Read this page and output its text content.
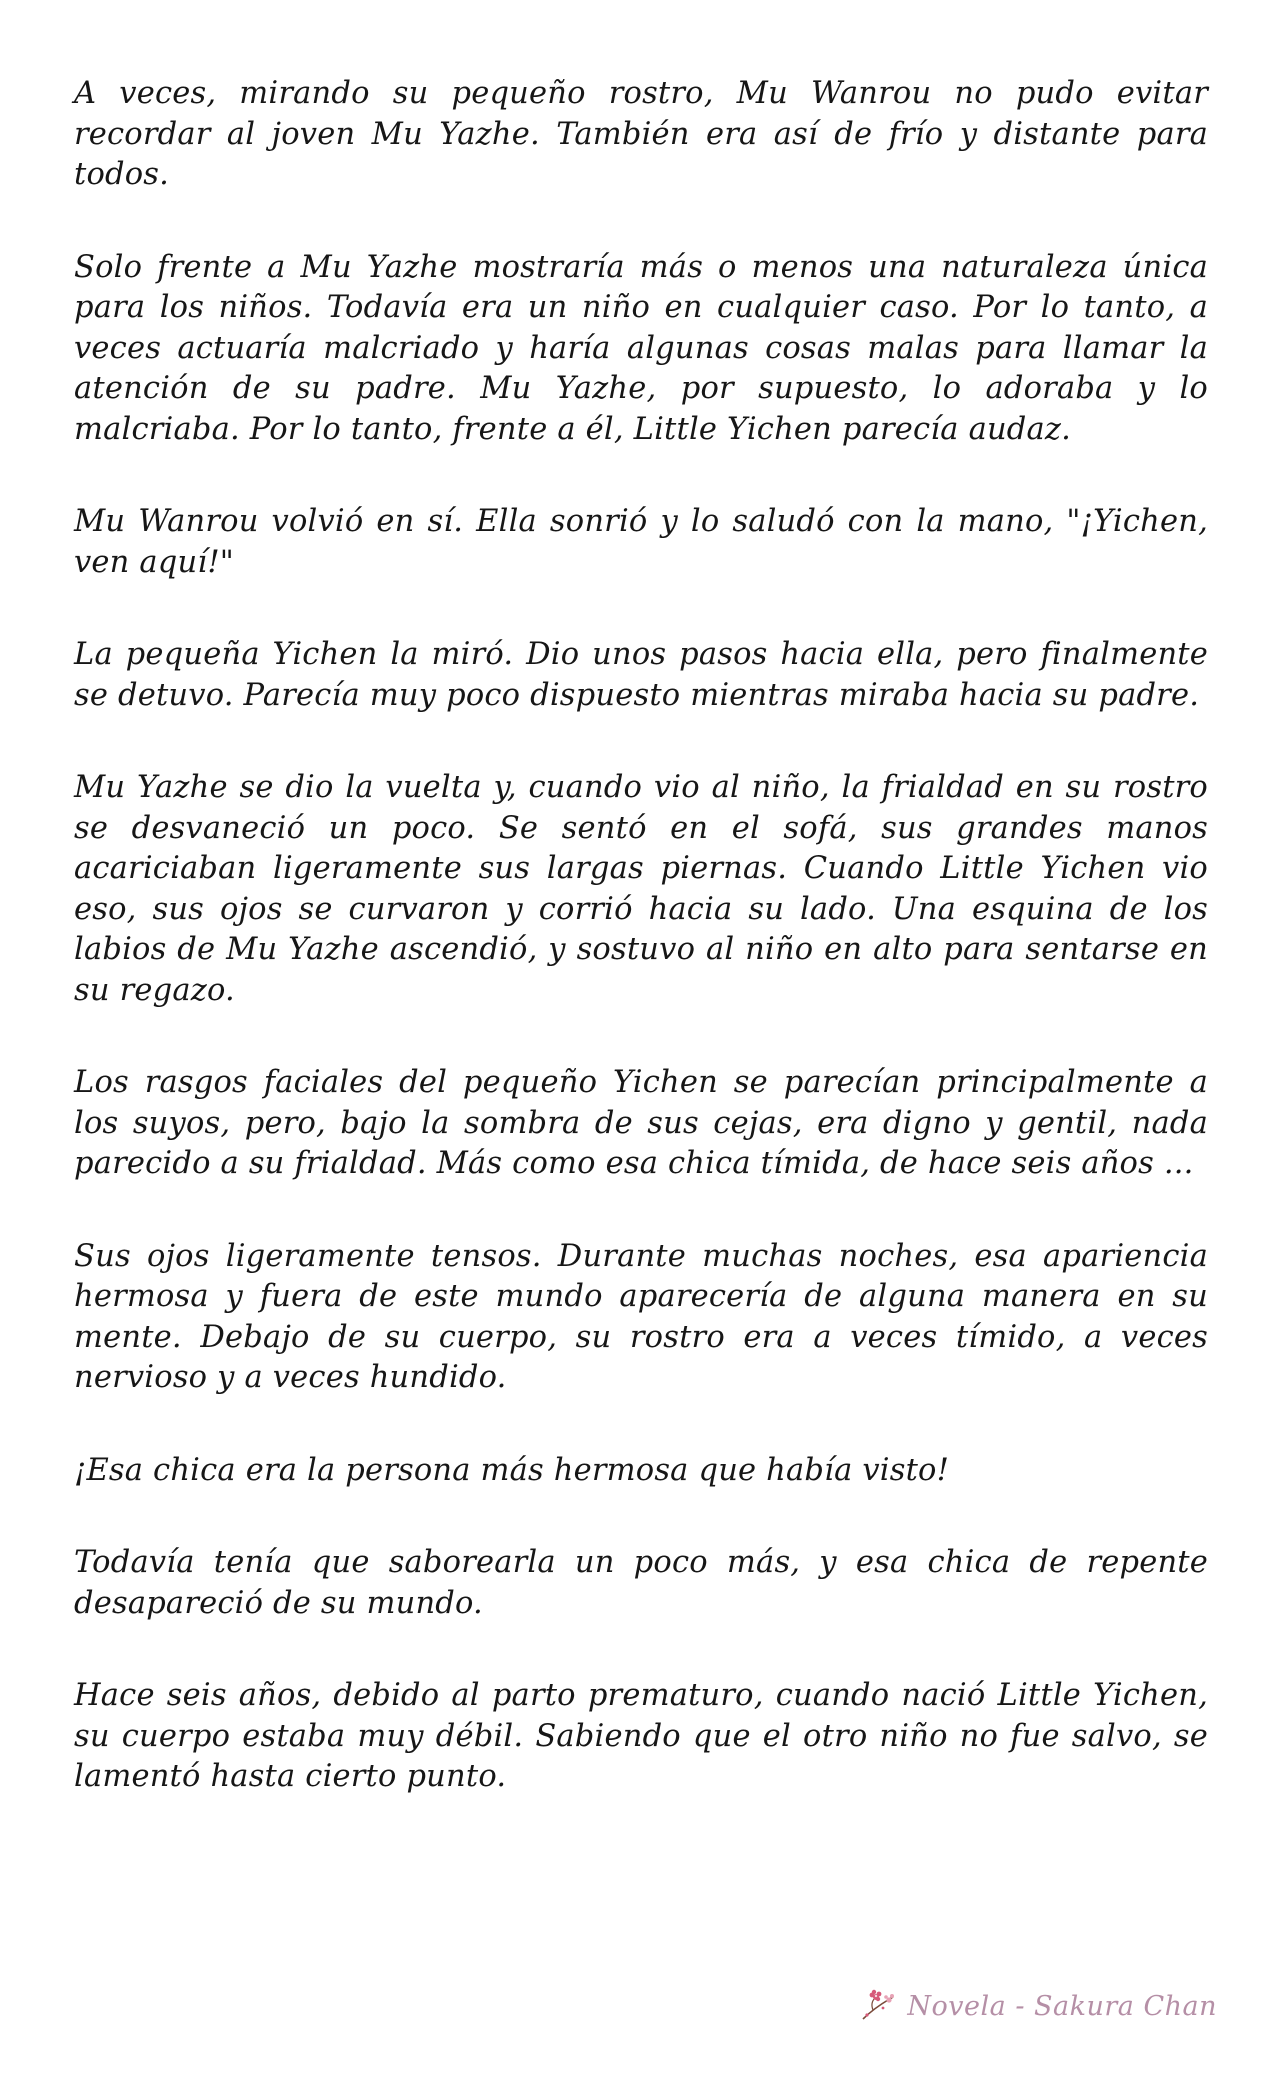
A veces, mirando su pequeño rostro, Mu Wanrou no pudo evitar recordar al joven Mu Yazhe. También era así de frío y distante para todos.

Solo frente a Mu Yazhe mostraría más o menos una naturaleza única para los niños. Todavía era un niño en cualquier caso. Por lo tanto, a veces actuaría malcriado y haría algunas cosas malas para llamar la atención de su padre. Mu Yazhe, por supuesto, lo adoraba y lo malcriaba. Por lo tanto, frente a él, Little Yichen parecía audaz.

Mu Wanrou volvió en sí. Ella sonrió y lo saludó con la mano, "¡Yichen, ven aquí!"

La pequeña Yichen la miró. Dio unos pasos hacia ella, pero finalmente se detuvo. Parecía muy poco dispuesto mientras miraba hacia su padre.

Mu Yazhe se dio la vuelta y, cuando vio al niño, la frialdad en su rostro se desvaneció un poco. Se sentó en el sofá, sus grandes manos acariciaban ligeramente sus largas piernas. Cuando Little Yichen vio eso, sus ojos se curvaron y corrió hacia su lado. Una esquina de los labios de Mu Yazhe ascendió, y sostuvo al niño en alto para sentarse en su regazo.

Los rasgos faciales del pequeño Yichen se parecían principalmente a los suyos, pero, bajo la sombra de sus cejas, era digno y gentil, nada parecido a su frialdad. Más como esa chica tímida, de hace seis años ...

Sus ojos ligeramente tensos. Durante muchas noches, esa apariencia hermosa y fuera de este mundo aparecería de alguna manera en su mente. Debajo de su cuerpo, su rostro era a veces tímido, a veces nervioso y a veces hundido.

¡Esa chica era la persona más hermosa que había visto!

Todavía tenía que saborearla un poco más, y esa chica de repente desapareció de su mundo.

Hace seis años, debido al parto prematuro, cuando nació Little Yichen, su cuerpo estaba muy débil. Sabiendo que el otro niño no fue salvo, se lamentó hasta cierto punto.

Novela - Sakura Chan
